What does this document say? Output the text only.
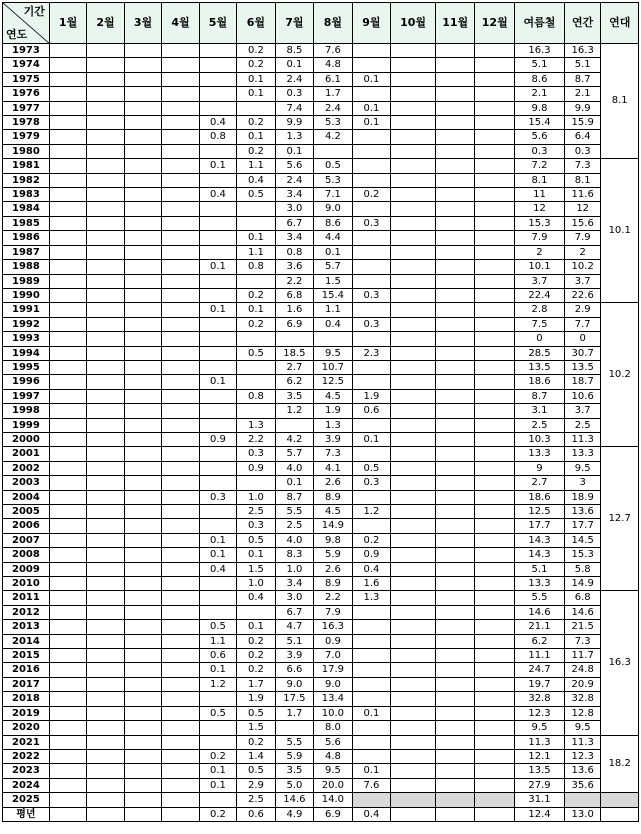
기간
연도	1월	2월	3월	4월	5월	6월	7월	8월	9월	10월	11월	12월	여름철	연간	연대
1973						0.2	8.5	7.6					16.3	16.3	8.1
1974						0.2	0.1	4.8					5.1	5.1	
1975						0.1	2.4	6.1	0.1				8.6	8.7	
1976						0.1	0.3	1.7					2.1	2.1	
1977							7.4	2.4	0.1				9.8	9.9	
1978					0.4	0.2	9.9	5.3	0.1				15.4	15.9	
1979					0.8	0.1	1.3	4.2					5.6	6.4	
1980						0.2	0.1						0.3	0.3	
1981					0.1	1.1	5.6	0.5					7.2	7.3	10.1
1982						0.4	2.4	5.3					8.1	8.1	
1983					0.4	0.5	3.4	7.1	0.2				11	11.6	
1984							3.0	9.0					12	12	
1985							6.7	8.6	0.3				15.3	15.6	
1986						0.1	3.4	4.4					7.9	7.9	
1987						1.1	0.8	0.1					2	2	
1988					0.1	0.8	3.6	5.7					10.1	10.2	
1989							2.2	1.5					3.7	3.7	
1990						0.2	6.8	15.4	0.3				22.4	22.6	
1991					0.1	0.1	1.6	1.1					2.8	2.9	10.2
1992						0.2	6.9	0.4	0.3				7.5	7.7	
1993													0	0	
1994						0.5	18.5	9.5	2.3				28.5	30.7	
1995							2.7	10.7					13.5	13.5	
1996					0.1		6.2	12.5					18.6	18.7	
1997						0.8	3.5	4.5	1.9				8.7	10.6	
1998							1.2	1.9	0.6				3.1	3.7	
1999						1.3		1.3					2.5	2.5	
2000					0.9	2.2	4.2	3.9	0.1				10.3	11.3	
2001						0.3	5.7	7.3					13.3	13.3	12.7
2002						0.9	4.0	4.1	0.5				9	9.5	
2003							0.1	2.6	0.3				2.7	3	
2004					0.3	1.0	8.7	8.9					18.6	18.9	
2005						2.5	5.5	4.5	1.2				12.5	13.6	
2006						0.3	2.5	14.9					17.7	17.7	
2007					0.1	0.5	4.0	9.8	0.2				14.3	14.5	
2008					0.1	0.1	8.3	5.9	0.9				14.3	15.3	
2009					0.4	1.5	1.0	2.6	0.4				5.1	5.8	
2010						1.0	3.4	8.9	1.6				13.3	14.9	
2011						0.4	3.0	2.2	1.3				5.5	6.8	16.3
2012							6.7	7.9					14.6	14.6	
2013					0.5	0.1	4.7	16.3					21.1	21.5	
2014					1.1	0.2	5.1	0.9					6.2	7.3	
2015					0.6	0.2	3.9	7.0					11.1	11.7	
2016					0.1	0.2	6.6	17.9					24.7	24.8	
2017					1.2	1.7	9.0	9.0					19.7	20.9	
2018						1.9	17.5	13.4					32.8	32.8	
2019					0.5	0.5	1.7	10.0	0.1				12.3	12.8	
2020						1.5		8.0					9.5	9.5	
2021						0.2	5.5	5.6					11.3	11.3	18.2
2022					0.2	1.4	5.9	4.8					12.1	12.3	
2023					0.1	0.5	3.5	9.5	0.1				13.5	13.6	
2024					0.1	2.9	5.0	20.0	7.6				27.9	35.6	
2025						2.5	14.6	14.0					31.1		
평년					0.2	0.6	4.9	6.9	0.4				12.4	13.0	
